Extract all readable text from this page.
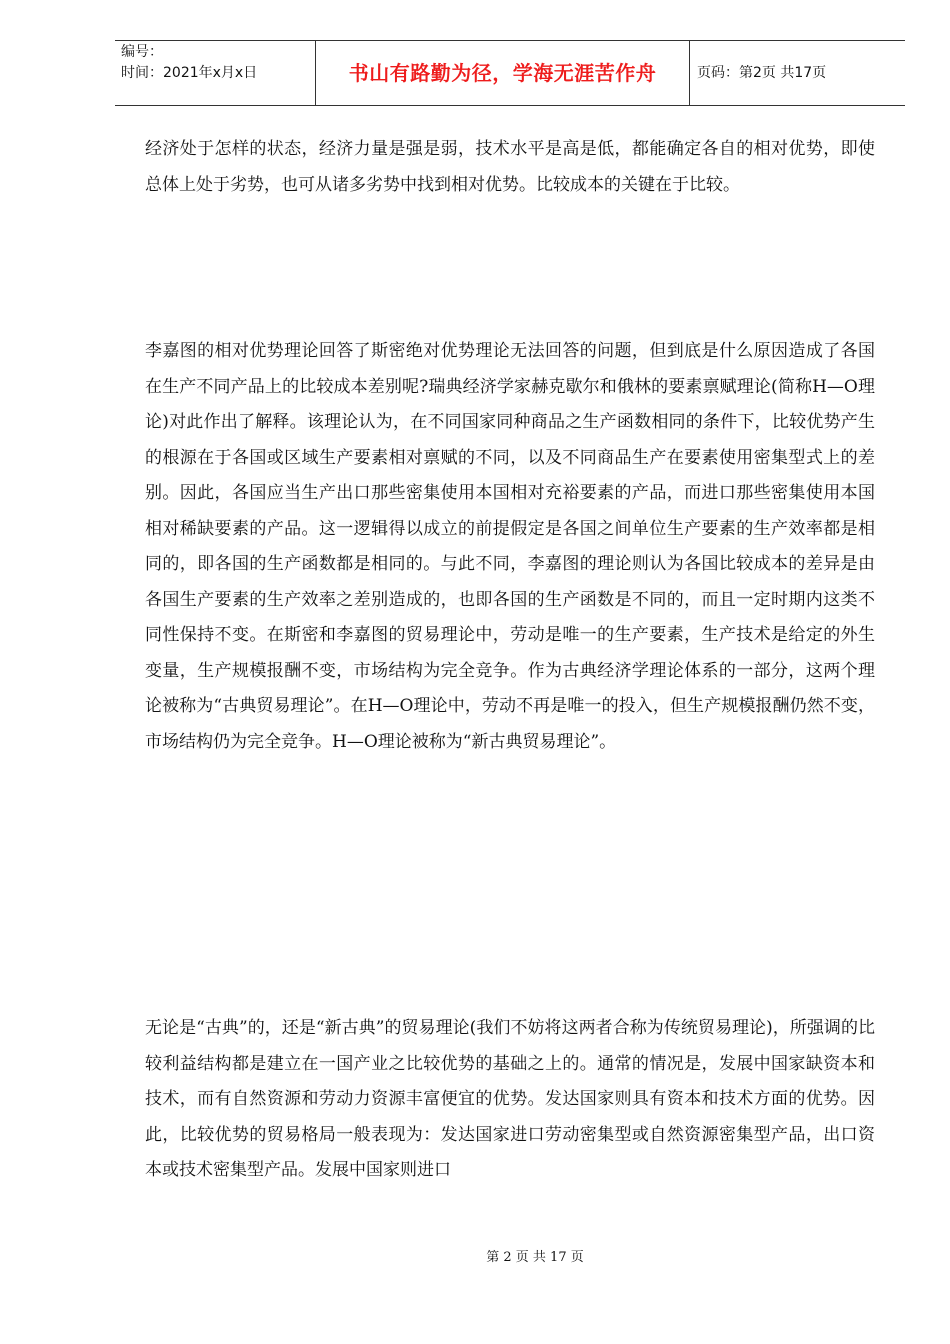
编号：
时间：2021年x月x日	书山有路勤为径，学海无涯苦作舟	页码：第2页 共17页

经济处于怎样的状态，经济力量是强是弱，技术水平是高是低，都能确定各自的相对优势，即使总体上处于劣势，也可从诸多劣势中找到相对优势。比较成本的关键在于比较。

李嘉图的相对优势理论回答了斯密绝对优势理论无法回答的问题，但到底是什么原因造成了各国在生产不同产品上的比较成本差别呢?瑞典经济学家赫克歇尔和俄林的要素禀赋理论(简称H—O理论)对此作出了解释。该理论认为，在不同国家同种商品之生产函数相同的条件下，比较优势产生的根源在于各国或区域生产要素相对禀赋的不同，以及不同商品生产在要素使用密集型式上的差别。因此，各国应当生产出口那些密集使用本国相对充裕要素的产品，而进口那些密集使用本国相对稀缺要素的产品。这一逻辑得以成立的前提假定是各国之间单位生产要素的生产效率都是相同的，即各国的生产函数都是相同的。与此不同，李嘉图的理论则认为各国比较成本的差异是由各国生产要素的生产效率之差别造成的，也即各国的生产函数是不同的，而且一定时期内这类不同性保持不变。在斯密和李嘉图的贸易理论中，劳动是唯一的生产要素，生产技术是给定的外生变量，生产规模报酬不变，市场结构为完全竞争。作为古典经济学理论体系的一部分，这两个理论被称为“古典贸易理论”。在H—O理论中，劳动不再是唯一的投入，但生产规模报酬仍然不变，市场结构仍为完全竞争。H—O理论被称为“新古典贸易理论”。

无论是“古典”的，还是“新古典”的贸易理论(我们不妨将这两者合称为传统贸易理论)，所强调的比较利益结构都是建立在一国产业之比较优势的基础之上的。通常的情况是，发展中国家缺资本和技术，而有自然资源和劳动力资源丰富便宜的优势。发达国家则具有资本和技术方面的优势。因此，比较优势的贸易格局一般表现为：发达国家进口劳动密集型或自然资源密集型产品，出口资本或技术密集型产品。发展中国家则进口

第 2 页 共 17 页
